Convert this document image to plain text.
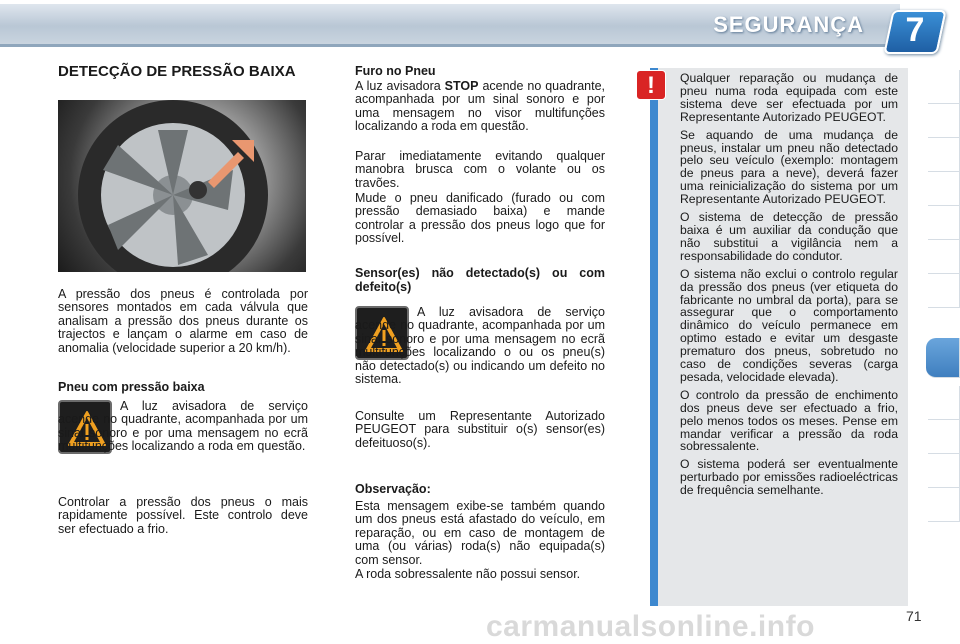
SEGURANÇA 7
DETECÇÃO DE PRESSÃO BAIXA
A pressão dos pneus é controlada por sensores montados em cada válvula que analisam a pressão dos pneus durante os trajectos e lançam o alarme em caso de anomalia (velocidade superior a 20 km/h).
Pneu com pressão baixa
A luz avisadora de serviço acende no quadrante, acompanhada por um sinal sonoro e por uma mensagem no ecrã multifunções localizando a roda em questão.
Controlar a pressão dos pneus o mais rapidamente possível. Este controlo deve ser efectuado a frio.
Furo no Pneu
A luz avisadora STOP acende no quadrante, acompanhada por um sinal sonoro e por uma mensagem no visor multifunções localizando a roda em questão.
Parar imediatamente evitando qualquer manobra brusca com o volante ou os travões.
Mude o pneu danificado (furado ou com pressão demasiado baixa) e mande controlar a pressão dos pneus logo que for possível.
Sensor(es) não detectado(s) ou com defeito(s)
A luz avisadora de serviço acende no quadrante, acompanhada por um sinal sonoro e por uma mensagem no ecrã multifunções localizando o ou os pneu(s) não detectado(s) ou indicando um defeito no sistema.
Consulte um Representante Autorizado PEUGEOT para substituir o(s) sensor(es) defeituoso(s).
Observação:
Esta mensagem exibe-se também quando um dos pneus está afastado do veículo, em reparação, ou em caso de montagem de uma (ou várias) roda(s) não equipada(s) com sensor.
A roda sobressalente não possui sensor.
!	Qualquer reparação ou mudança de pneu numa roda equipada com este sistema deve ser efectuada por um Representante Autorizado PEUGEOT.

Se aquando de uma mudança de pneus, instalar um pneu não detectado pelo seu veículo (exemplo: montagem de pneus para a neve), deverá fazer uma reinicialização do sistema por um Representante Autorizado PEUGEOT.

O sistema de detecção de pressão baixa é um auxiliar da condução que não substitui a vigilância nem a responsabilidade do condutor.

O sistema não exclui o controlo regular da pressão dos pneus (ver etiqueta do fabricante no umbral da porta), para se assegurar que o comportamento dinâmico do veículo permanece em optimo estado e evitar um desgaste prematuro dos pneus, sobretudo no caso de condições severas (carga pesada, velocidade elevada).

O controlo da pressão de enchimento dos pneus deve ser efectuado a frio, pelo menos todos os meses. Pense em mandar verificar a pressão da roda sobressalente.

O sistema poderá ser eventualmente perturbado por emissões radioeléctricas de frequência semelhante.

carmanualsonline.info	71
